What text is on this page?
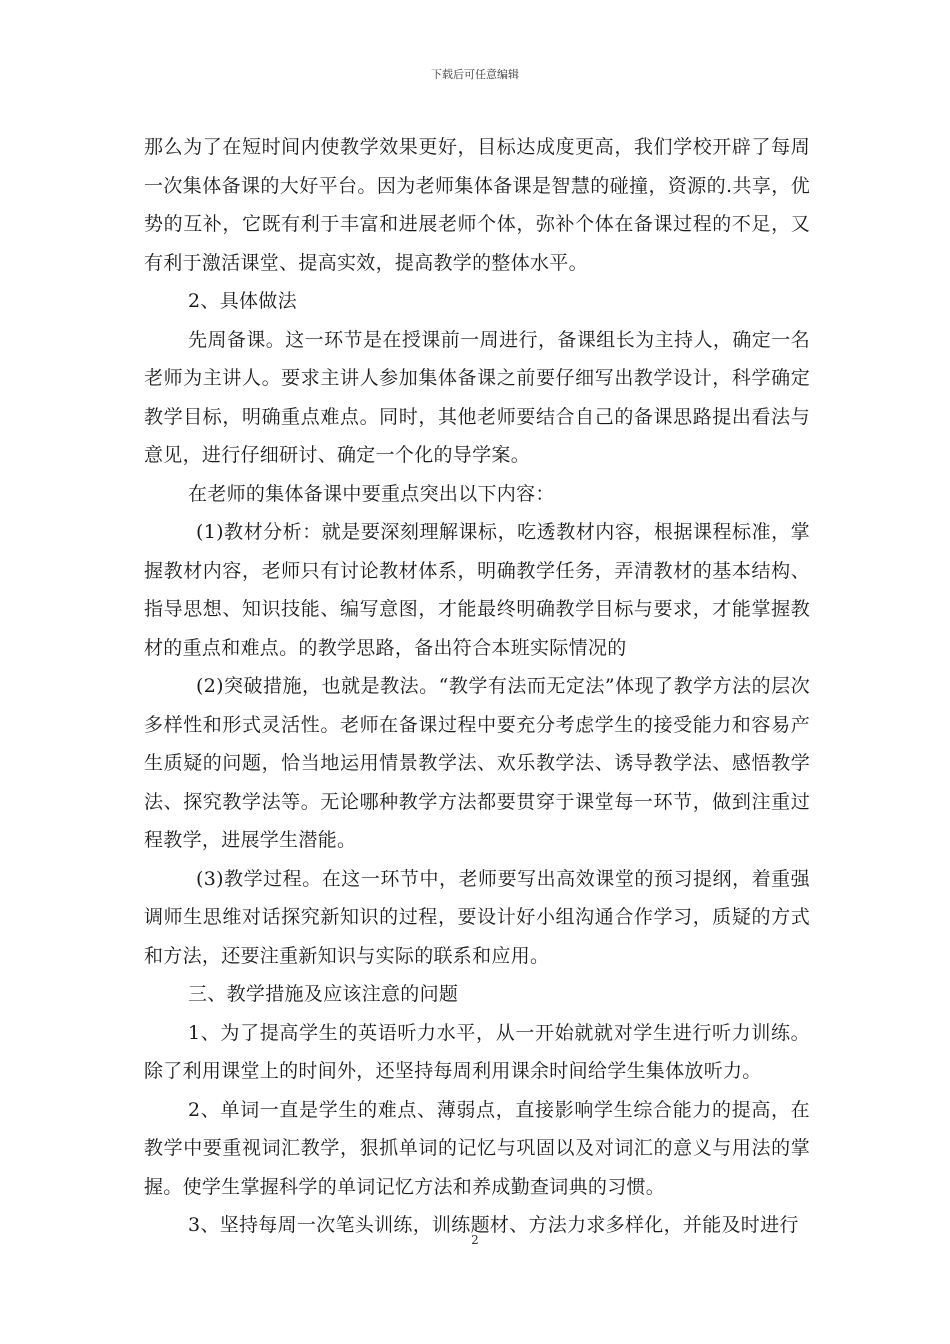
下载后可任意编辑

那么为了在短时间内使教学效果更好，目标达成度更高，我们学校开辟了每周一次集体备课的大好平台。因为老师集体备课是智慧的碰撞，资源的.共享，优势的互补，它既有利于丰富和进展老师个体，弥补个体在备课过程的不足，又有利于激活课堂、提高实效，提高教学的整体水平。

2、具体做法

先周备课。这一环节是在授课前一周进行，备课组长为主持人，确定一名老师为主讲人。要求主讲人参加集体备课之前要仔细写出教学设计，科学确定教学目标，明确重点难点。同时，其他老师要结合自己的备课思路提出看法与意见，进行仔细研讨、确定一个化的导学案。

在老师的集体备课中要重点突出以下内容：

(1)教材分析：就是要深刻理解课标，吃透教材内容，根据课程标准，掌握教材内容，老师只有讨论教材体系，明确教学任务，弄清教材的基本结构、指导思想、知识技能、编写意图，才能最终明确教学目标与要求，才能掌握教材的重点和难点。的教学思路，备出符合本班实际情况的

(2)突破措施，也就是教法。“教学有法而无定法”体现了教学方法的层次多样性和形式灵活性。老师在备课过程中要充分考虑学生的接受能力和容易产生质疑的问题，恰当地运用情景教学法、欢乐教学法、诱导教学法、感悟教学法、探究教学法等。无论哪种教学方法都要贯穿于课堂每一环节，做到注重过程教学，进展学生潜能。

(3)教学过程。在这一环节中，老师要写出高效课堂的预习提纲，着重强调师生思维对话探究新知识的过程，要设计好小组沟通合作学习，质疑的方式和方法，还要注重新知识与实际的联系和应用。

三、教学措施及应该注意的问题

1、为了提高学生的英语听力水平，从一开始就就对学生进行听力训练。除了利用课堂上的时间外，还坚持每周利用课余时间给学生集体放听力。

2、单词一直是学生的难点、薄弱点，直接影响学生综合能力的提高，在教学中要重视词汇教学，狠抓单词的记忆与巩固以及对词汇的意义与用法的掌握。使学生掌握科学的单词记忆方法和养成勤查词典的习惯。

3、坚持每周一次笔头训练，训练题材、方法力求多样化，并能及时进行

2
